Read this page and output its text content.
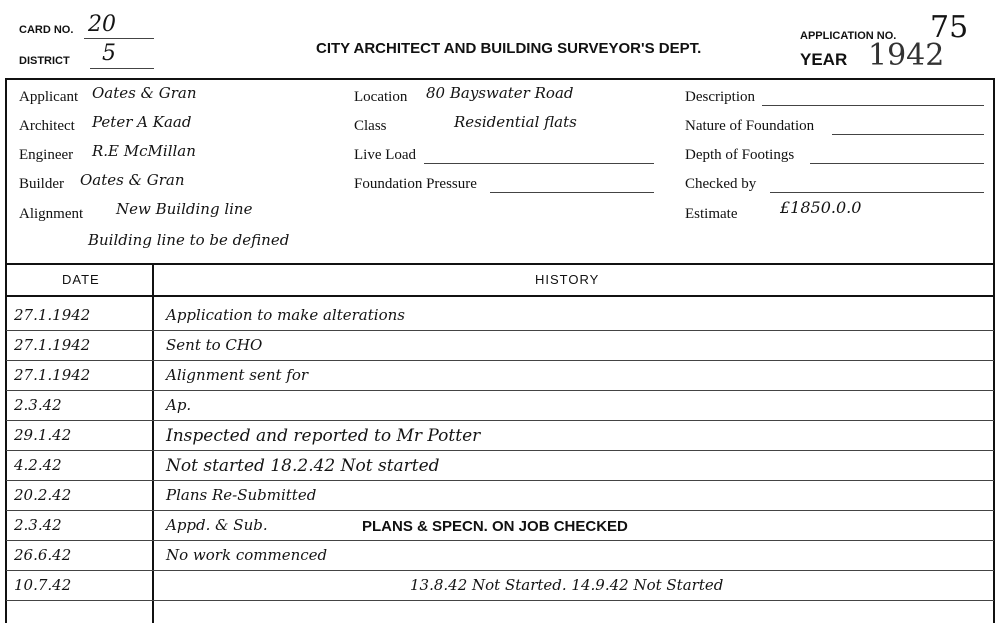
CARD NO. 20
DISTRICT 5	CITY ARCHITECT AND BUILDING SURVEYOR'S DEPT.
APPLICATION NO. 75
YEAR 1942
Applicant Oates & Gran
Architect Peter A Kaad
Engineer R.E McMillan
Builder Oates & Gran
Alignment New Building line
Building line to be defined
Location 80 Bayswater Road
Class	Residential flats
Live Load
Foundation Pressure
Description
Nature of Foundation
Depth of Footings
Checked by
Estimate	£1850.0.0
DATE	HISTORY
27.1.1942	Application to make alterations
27.1.1942	Sent to CHO
27.1.1942	Alignment sent for
2.3.42	Ap.
29.1.42	Inspected and reported to Mr Potter
4.2.42	Not started 18.2.42 Not started
20.2.42	Plans Re-Submitted
2.3.42	Appd. & Sub.	PLANS & SPECN. ON JOB CHECKED
26.6.42	No work commenced
10.7.42	13.8.42 Not Started. 14.9.42 Not Started
